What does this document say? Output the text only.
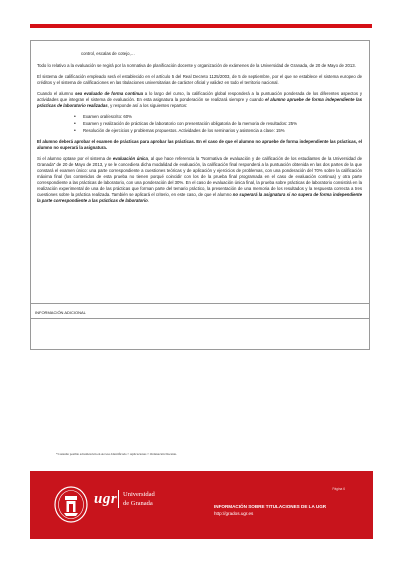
control, escalas de cotejo,…

Todo lo relativo a la evaluación se regirá por la normativa de planificación docente y organización de exámenes de la Universidad de Granada, de 20 de Mayo de 2013.

El sistema de calificación empleado será el establecido en el artículo 5 del Real Decreto 1125/2003, de 5 de septiembre, por el que se establece el sistema europeo de créditos y el sistema de calificaciones en las titulaciones universitarias de carácter oficial y validez en todo el territorio nacional.

Cuando el alumno sea evaluado de forma continua a lo largo del curso, la calificación global responderá a la puntuación ponderada de los diferentes aspectos y actividades que integran el sistema de evaluación. En esta asignatura la ponderación se realizará siempre y cuando el alumno apruebe de forma independiente las prácticas de laboratorio realizadas, y responde así a los siguientes repartos:

• Examen oral/escrito: 60%
• Examen y realización de prácticas de laboratorio con presentación obligatoria de la memoria de resultados: 25%
• Resolución de ejercicios y problemas propuestos. Actividades de los seminarios y asistencia a clase: 15%

El alumno deberá aprobar el examen de prácticas para aprobar las prácticas. En el caso de que el alumno no apruebe de forma independiente las prácticas, el alumno no superará la asignatura.

Si el alumno optase por el sistema de evaluación única, al que hace referencia la "Normativa de evaluación y de calificación de los estudiantes de la Universidad de Granada" de 20 de Mayo de 2013, y se le concediera dicha modalidad de evaluación, la calificación final responderá a la puntuación obtenida en las dos partes de la que constará el examen único: una parte correspondiente a cuestiones teóricas y de aplicación y ejercicios de problemas, con una ponderación del 70% sobre la calificación máxima final (los contenidos de esta prueba no tienen porqué coincidir con los de la prueba final programada en el caso de evaluación continua) y otra parte correspondiente a las prácticas de laboratorio, con una ponderación del 30%. En el caso de evaluación única final, la prueba sobre prácticas de laboratorio consistirá en la realización experimental de una de las prácticas que forman parte del temario práctico, la presentación de una memoria de los resultados y la respuesta correcta a tres cuestiones sobre la práctica realizada. También se aplicará el criterio, en este caso, de que el alumno no superará la asignatura si no supera de forma independiente la parte correspondiente a las prácticas de laboratorio.

INFORMACIÓN ADICIONAL
*Consulte posible actualización en Acceso Identificado > Aplicaciones > Ordenación Docente.
ugr Universidad
de Granada
Página 6
INFORMACIÓN SOBRE TITULACIONES DE LA UGR
http://grados.ugr.es
